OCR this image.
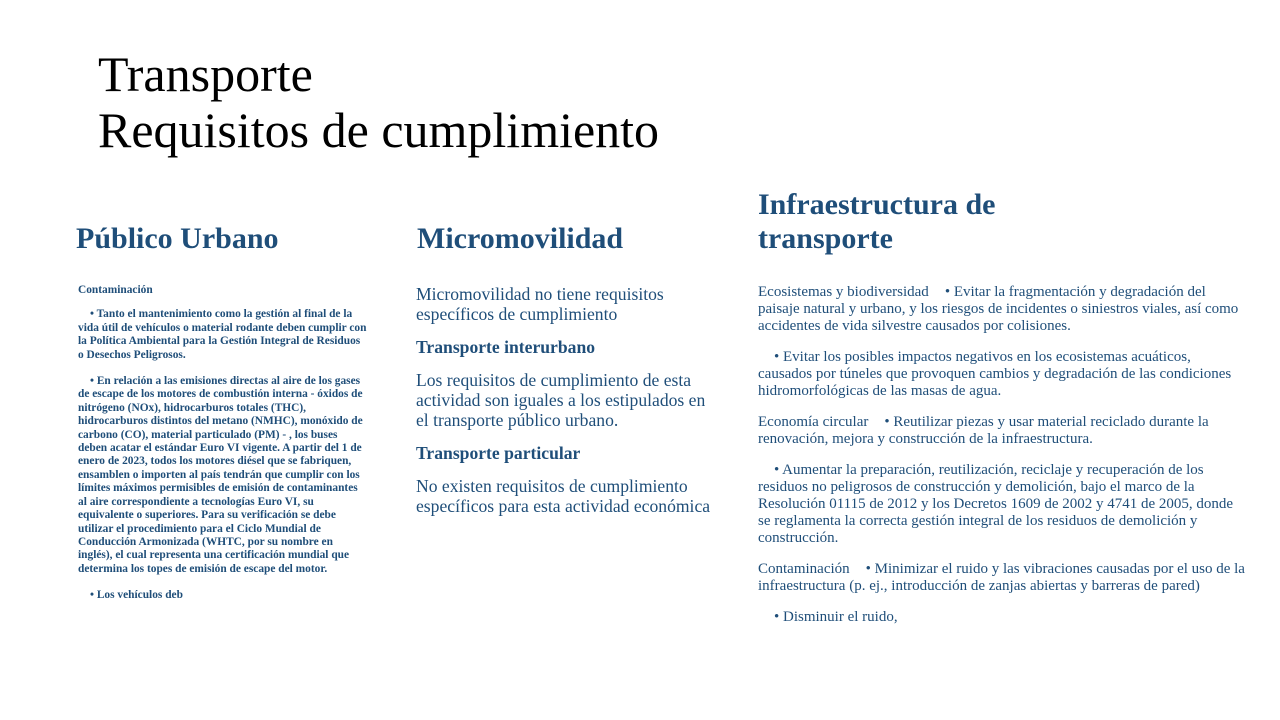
Transporte
Requisitos de cumplimiento
Público Urbano

Contaminación

• Tanto el mantenimiento como la gestión al final de la vida útil de vehículos o material rodante deben cumplir con la Política Ambiental para la Gestión Integral de Residuos o Desechos Peligrosos.

• En relación a las emisiones directas al aire de los gases de escape de los motores de combustión interna - óxidos de nitrógeno (NOx), hidrocarburos totales (THC), hidrocarburos distintos del metano (NMHC), monóxido de carbono (CO), material particulado (PM) - , los buses deben acatar el estándar Euro VI vigente. A partir del 1 de enero de 2023, todos los motores diésel que se fabriquen, ensamblen o importen al país tendrán que cumplir con los límites máximos permisibles de emisión de contaminantes al aire correspondiente a tecnologías Euro VI, su equivalente o superiores. Para su verificación se debe utilizar el procedimiento para el Ciclo Mundial de Conducción Armonizada (WHTC, por su nombre en inglés), el cual representa una certificación mundial que determina los topes de emisión de escape del motor.

• Los vehículos deb

Micromovilidad

Micromovilidad no tiene requisitos específicos de cumplimiento

Transporte interurbano

Los requisitos de cumplimiento de esta actividad son iguales a los estipulados en el transporte público urbano.

Transporte particular

No existen requisitos de cumplimiento específicos para esta actividad económica

Infraestructura de
transporte

Ecosistemas y biodiversidad • Evitar la fragmentación y degradación del paisaje natural y urbano, y los riesgos de incidentes o siniestros viales, así como accidentes de vida silvestre causados por colisiones.

• Evitar los posibles impactos negativos en los ecosistemas acuáticos, causados por túneles que provoquen cambios y degradación de las condiciones hidromorfológicas de las masas de agua.

Economía circular • Reutilizar piezas y usar material reciclado durante la renovación, mejora y construcción de la infraestructura.

• Aumentar la preparación, reutilización, reciclaje y recuperación de los residuos no peligrosos de construcción y demolición, bajo el marco de la Resolución 01115 de 2012 y los Decretos 1609 de 2002 y 4741 de 2005, donde se reglamenta la correcta gestión integral de los residuos de demolición y construcción.

Contaminación • Minimizar el ruido y las vibraciones causadas por el uso de la infraestructura (p. ej., introducción de zanjas abiertas y barreras de pared)

• Disminuir el ruido,
